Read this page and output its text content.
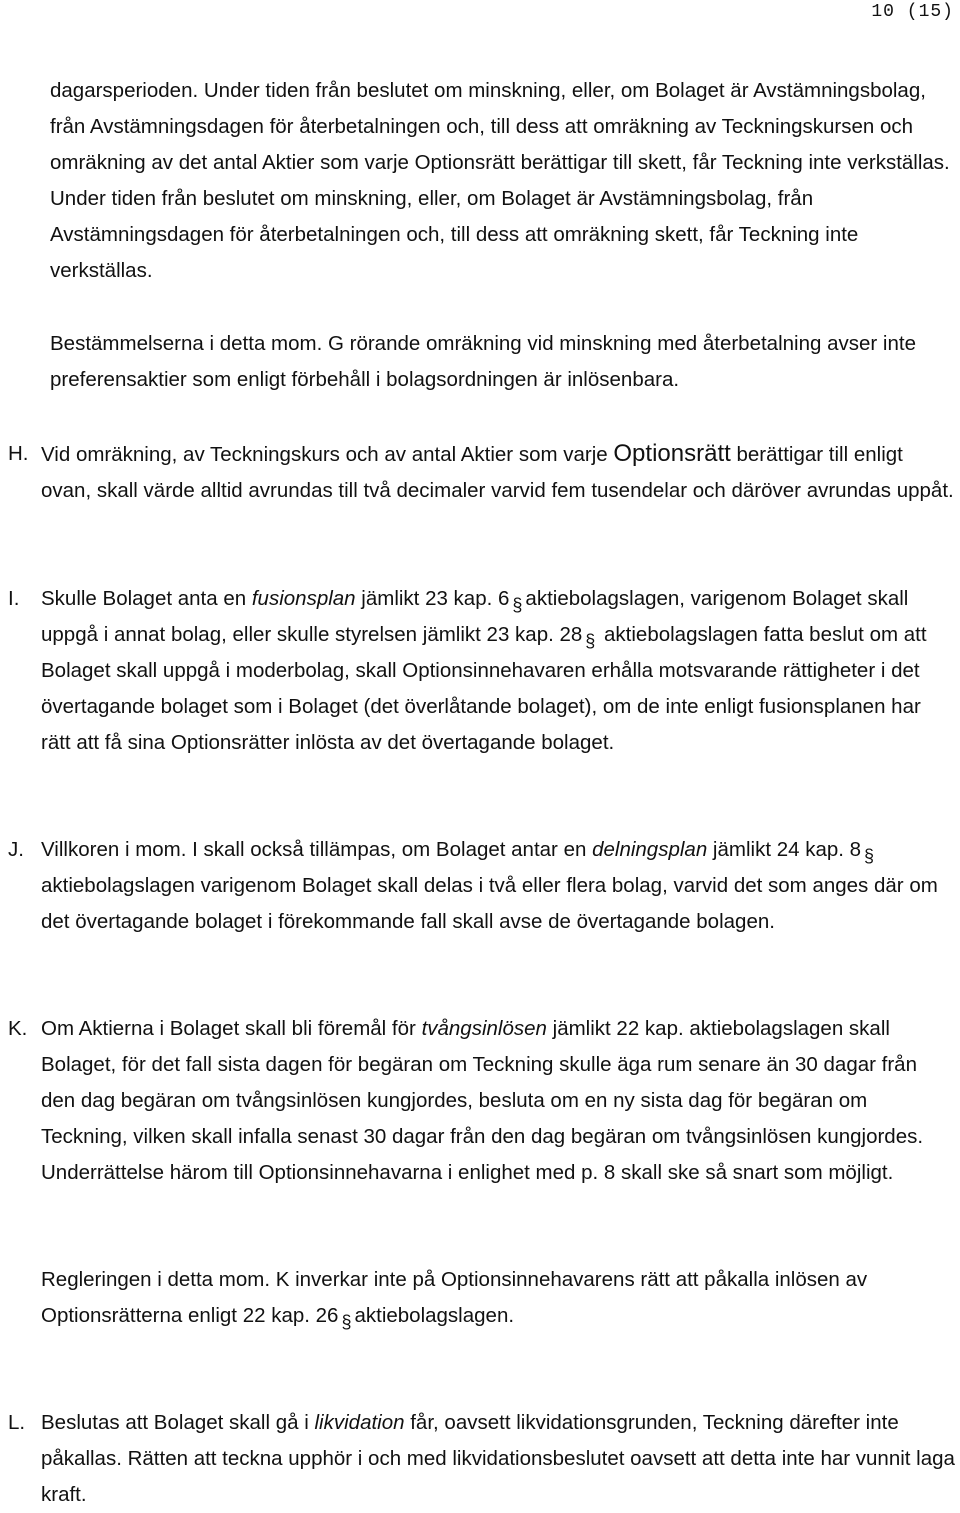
10 (15)

dagarsperioden. Under tiden från beslutet om minskning, eller, om Bolaget är Avstämningsbolag, från Avstämningsdagen för återbetalningen och, till dess att omräkning av Teckningskursen och omräkning av det antal Aktier som varje Optionsrätt berättigar till skett, får Teckning inte verkställas. Under tiden från beslutet om minskning, eller, om Bolaget är Avstämningsbolag, från Avstämningsdagen för återbetalningen och, till dess att omräkning skett, får Teckning inte verkställas.

Bestämmelserna i detta mom. G rörande omräkning vid minskning med återbetalning avser inte preferensaktier som enligt förbehåll i bolagsordningen är inlösenbara.

H. Vid omräkning, av Teckningskurs och av antal Aktier som varje Optionsrätt berättigar till enligt ovan, skall värde alltid avrundas till två decimaler varvid fem tusendelar och däröver avrundas uppåt.
I. Skulle Bolaget anta en fusionsplan jämlikt 23 kap. 6 § aktiebolagslagen, varigenom Bolaget skall uppgå i annat bolag, eller skulle styrelsen jämlikt 23 kap. 28 § aktiebolagslagen fatta beslut om att Bolaget skall uppgå i moderbolag, skall Optionsinnehavaren erhålla motsvarande rättigheter i det övertagande bolaget som i Bolaget (det överlåtande bolaget), om de inte enligt fusionsplanen har rätt att få sina Optionsrätter inlösta av det övertagande bolaget.
J. Villkoren i mom. I skall också tillämpas, om Bolaget antar en delningsplan jämlikt 24 kap. 8 §aktiebolagslagen varigenom Bolaget skall delas i två eller flera bolag, varvid det som anges där om det övertagande bolaget i förekommande fall skall avse de övertagande bolagen.
K. Om Aktierna i Bolaget skall bli föremål för tvångsinlösen jämlikt 22 kap. aktiebolagslagen skall Bolaget, för det fall sista dagen för begäran om Teckning skulle äga rum senare än 30 dagar från den dag begäran om tvångsinlösen kungjordes, besluta om en ny sista dag för begäran om Teckning, vilken skall infalla senast 30 dagar från den dag begäran om tvångsinlösen kungjordes. Underrättelse härom till Optionsinnehavarna i enlighet med p. 8 skall ske så snart som möjligt.
Regleringen i detta mom. K inverkar inte på Optionsinnehavarens rätt att påkalla inlösen av Optionsrätterna enligt 22 kap. 26 § aktiebolagslagen.
L. Beslutas att Bolaget skall gå i likvidation får, oavsett likvidationsgrunden, Teckning därefter inte påkallas. Rätten att teckna upphör i och med likvidationsbeslutet oavsett att detta inte har vunnit laga kraft.
